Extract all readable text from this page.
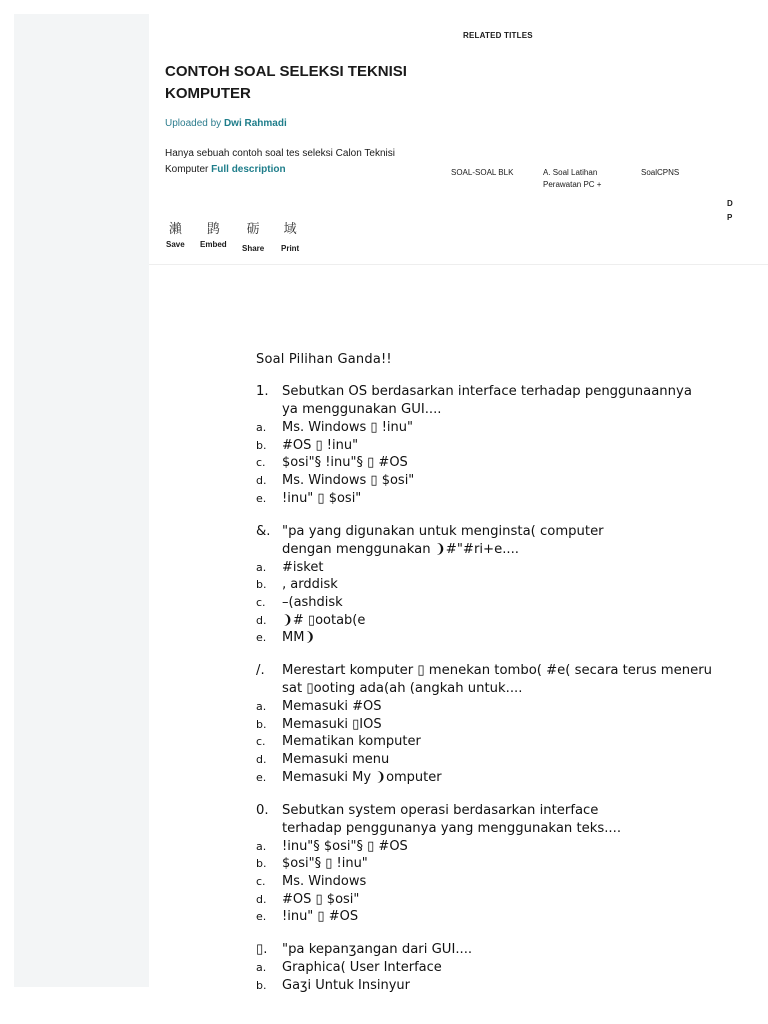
RELATED TITLES
CONTOH SOAL SELEKSI TEKNISI KOMPUTER
Uploaded by Dwi Rahmadi
Hanya sebuah contoh soal tes seleksi Calon Teknisi Komputer Full description	SOAL-SOAL BLK	A. Soal Latihan Perawatan PC +
SoalCPNS
D P
瀨
Save
鹍
Embed
砺
Share
域
Print
Soal Pilihan Ganda!!
1.	Sebutkan OS berdasarkan interface terhadap penggunaannya
ya menggunakan GUI....
a.	Ms. Windows ▯ !inu"
b.	#OS ▯ !inu"
c.	$osi"§ !inu"§ ▯ #OS
d.	Ms. Windows ▯ $osi"
e.	!inu" ▯ $osi"
&. "pa yang digunakan untuk menginsta( computer
dengan menggunakan ❩#"#ri+e....
a.	#isket
b.	‚ arddisk
c.	–(ashdisk
d.	❩# ▯ootab(e
e.	MM❩
/.	Merestart komputer ▯ menekan tombo( #e( secara terus meneru
sat ▯ooting ada(ah (angkah untuk....
a.	Memasuki #OS
b.	Memasuki ▯IOS
c.	Mematikan komputer
d.	Memasuki menu
e.	Memasuki My ❩omputer
0.	Sebutkan system operasi berdasarkan interface
terhadap penggunanya yang menggunakan teks....
a.	!inu"§ $osi"§ ▯ #OS
b.	$osi"§ ▯ !inu"
c.	Ms. Windows
d.	#OS ▯ $osi"
e.	!inu" ▯ #OS
▯.	"pa kepanʒangan dari GUI....
a.	Graphica( User Interface
b.	Gaʒi Untuk Insinyur
